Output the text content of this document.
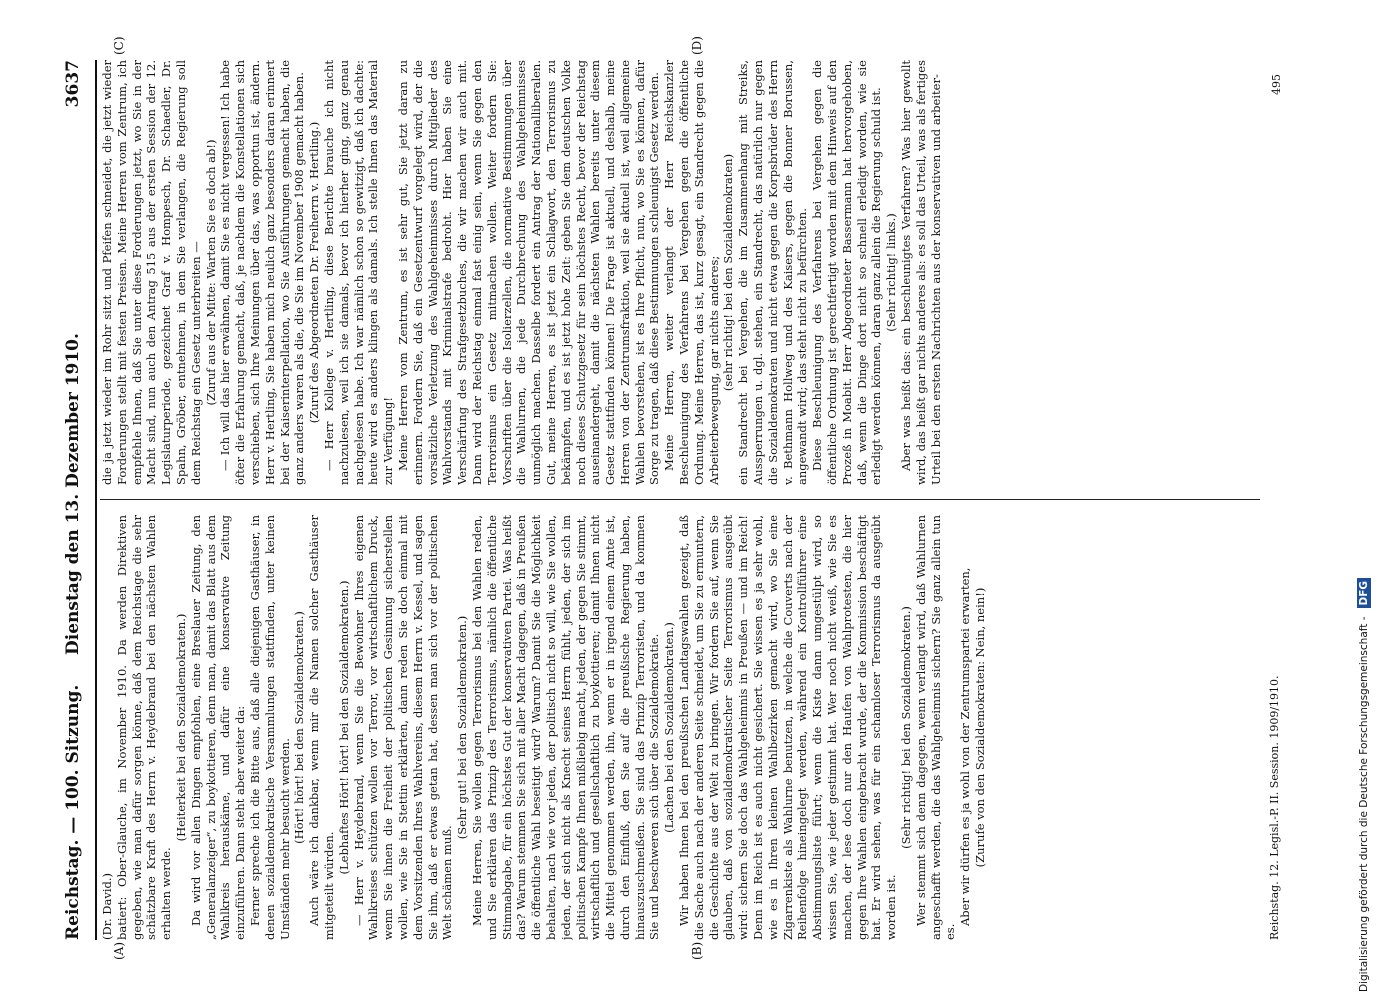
Reichstag. — 100. Sitzung.
Dienstag den 13. Dezember 1910.
3637
(A)	(B)
(C)	(D)

(Dr. David.) batiert: Ober-Glauche, im November 1910. Da werden Direktiven gegeben, wie man dafür sorgen könne, daß dem Reichstage die sehr schätzbare Kraft des Herrn v. Heydebrand bei den nächsten Wahlen erhalten werde.

(Heiterkeit bei den Sozialdemokraten.) Da wird vor allen Dingen empfohlen, eine Breslauer Zeitung, den „Generalanzeiger“, zu boykottieren, denn man, damit das Blatt aus dem Wahlkreis herauskäme, und dafür eine konservative Zeitung einzuführen. Dann steht aber weiter da: Ferner spreche ich die Bitte aus, daß alle diejenigen Gasthäuser, in denen sozialdemokratische Versammlungen stattfinden, unter keinen Umständen mehr besucht werden. (Hört! hört! bei den Sozialdemokraten.) Auch wäre ich dankbar, wenn mir die Namen solcher Gasthäuser mitgeteilt würden.

(Lebhaftes Hört! hört! bei den Sozialdemokraten.) — Herr v. Heydebrand, wenn Sie die Bewohner Ihres eigenen Wahlkreises schützen wollen vor Terror, vor wirtschaftlichem Druck, wenn Sie ihnen die Freiheit der politischen Gesinnung sicherstellen wollen, wie Sie in Stettin erklärten, dann reden Sie doch einmal mit dem Vorsitzenden Ihres Wahlvereins, diesem Herrn v. Kessel, und sagen Sie ihm, daß er etwas getan hat, dessen man sich vor der politischen Welt schämen muß.

(Sehr gut! bei den Sozialdemokraten.) Meine Herren, Sie wollen gegen Terrorismus bei den Wahlen reden, und Sie erklären das Prinzip des Terrorismus, nämlich die öffentliche Stimmabgabe, für ein höchstes Gut der konservativen Partei. Was heißt das? Warum stemmen Sie sich mit aller Macht dagegen, daß in Preußen die öffentliche Wahl beseitigt wird? Warum? Damit Sie die Möglichkeit behalten, nach wie vor jeden, der politisch nicht so will, wie Sie wollen, jeden, der sich nicht als Knecht seines Herrn fühlt, jeden, der sich im politischen Kampfe Ihnen mißliebig macht, jeden, der gegen Sie stimmt, wirtschaftlich und gesellschaftlich zu boykottieren; damit Ihnen nicht die Mittel genommen werden, ihn, wenn er in irgend einem Amte ist, durch den Einfluß, den Sie auf die preußische Regierung haben, hinauszuschmeißen. Sie sind das Prinzip Terroristen, und da kommen Sie und beschweren sich über die Sozialdemokratie. (Lachen bei den Sozialdemokraten.) Wir haben Ihnen bei den preußischen Landtagswahlen gezeigt, daß die Sache auch nach der anderen Seite schneidet, um Sie zu ermuntern, die Geschichte aus der Welt zu bringen. Wir fordern Sie auf, wenn Sie glauben, daß von sozialdemokratischer Seite Terrorismus ausgeübt wird: sichern Sie doch das Wahlgeheimnis in Preußen — und im Reich! Denn im Reich ist es auch nicht gesichert. Sie wissen es ja sehr wohl, wie es in Ihren kleinen Wahlbezirken gemacht wird, wo Sie eine Zigarrenkiste als Wahlurne benutzen, in welche die Couverts nach der Reihenfolge hineingelegt werden, während ein Kontrollführer eine Abstimmungsliste führt; wenn die Kiste dann umgestülpt wird, so wissen Sie, wie jeder gestimmt hat. Wer noch nicht weiß, wie Sie es machen, der lese doch nur den Haufen von Wahlprotesten, die hier gegen Ihre Wahlen eingebracht wurde, der die Kommission beschäftigt hat. Er wird sehen, was für ein schamloser Terrorismus da ausgeübt worden ist.

(Sehr richtig! bei den Sozialdemokraten.) Wer stemmt sich denn dagegen, wenn verlangt wird, daß Wahlurnen angeschafft werden, die das Wahlgeheimnis sichern? Sie ganz allein tun es.

Aber wir dürfen es ja wohl von der Zentrumspartei erwarten, (Zurufe von den Sozialdemokraten: Nein, nein!)

die ja jetzt wieder im Rohr sitzt und Pfeifen schneidet, die jetzt wieder Forderungen stellt mit festen Preisen. Meine Herren vom Zentrum, ich empfehle Ihnen, daß Sie unter diese Forderungen jetzt, wo Sie in der Macht sind, nun auch den Antrag 515 aus der ersten Session der 12. Legislaturperiode, gezeichnet Graf v. Hompesch, Dr. Schaedler, Dr. Spahn, Gröber, entnehmen, in dem Sie verlangen, die Regierung soll dem Reichstag ein Gesetz unterbreiten — (Zuruf aus der Mitte: Warten Sie es doch ab!) — Ich will das hier erwähnen, damit Sie es nicht vergessen! Ich habe öfter die Erfahrung gemacht, daß, je nachdem die Konstellationen sich verschieben, sich Ihre Meinungen über das, was opportun ist, ändern. Herr v. Hertling, Sie haben mich neulich ganz besonders daran erinnert bei der Kaiserinterpellation, wo Sie Ausführungen gemacht haben, die ganz anders waren als die, die Sie im November 1908 gemacht haben. (Zuruf des Abgeordneten Dr. Freiherrn v. Hertling.) — Herr Kollege v. Hertling, diese Berichte brauche ich nicht nachzulesen, weil ich sie damals, bevor ich hierher ging, ganz genau nachgelesen habe. Ich war nämlich schon so gewitzigt, daß ich dachte: heute wird es anders klingen als damals. Ich stelle Ihnen das Material zur Verfügung! Meine Herren vom Zentrum, es ist sehr gut, Sie jetzt daran zu erinnern. Fordern Sie, daß ein Gesetzentwurf vorgelegt wird, der die vorsätzliche Verletzung des Wahlgeheimnisses durch Mitglieder des Wahlvorstands mit Kriminalstrafe bedroht. Hier haben Sie eine Verschärfung des Strafgesetzbuches, die wir machen wir auch mit. Dann wird der Reichstag einmal fast einig sein, wenn Sie gegen den Terrorismus ein Gesetz mitmachen wollen. Weiter fordern Sie: Vorschriften über die Isolierzellen, die normative Bestimmungen über die Wahlurnen, die jede Durchbrechung des Wahlgeheimnisses unmöglich machen. Dasselbe fordert ein Antrag der Nationalliberalen. Gut, meine Herren, es ist jetzt ein Schlagwort, den Terrorismus zu bekämpfen, und es ist jetzt hohe Zeit: geben Sie dem deutschen Volke noch dieses Schutzgesetz für sein höchstes Recht, bevor der Reichstag auseinandergeht, damit die nächsten Wahlen bereits unter diesem Gesetz stattfinden können! Die Frage ist aktuell, und deshalb, meine Herren von der Zentrumsfraktion, weil sie aktuell ist, weil allgemeine Wahlen bevorstehen, ist es Ihre Pflicht, nun, wo Sie es können, dafür Sorge zu tragen, daß diese Bestimmungen schleunigst Gesetz werden. Meine Herren, weiter verlangt der Herr Reichskanzler Beschleunigung des Verfahrens bei Vergehen gegen die öffentliche Ordnung. Meine Herren, das ist, kurz gesagt, ein Standrecht gegen die Arbeiterbewegung, gar nichts anderes; (sehr richtig! bei den Sozialdemokraten) ein Standrecht bei Vergehen, die im Zusammenhang mit Streiks, Aussperrungen u. dgl. stehen, ein Standrecht, das natürlich nur gegen die Sozialdemokraten und nicht etwa gegen die Korpsbrüder des Herrn v. Bethmann Hollweg und des Kaisers, gegen die Bonner Borussen, angewandt wird; das steht nicht zu befürchten. Diese Beschleunigung des Verfahrens bei Vergehen gegen die öffentliche Ordnung ist gerechtfertigt worden mit dem Hinweis auf den Prozeß in Moabit. Herr Abgeordneter Bassermann hat hervorgehoben, daß, wenn die Dinge dort nicht so schnell erledigt worden, wie sie erledigt werden können, daran ganz allein die Regierung schuld ist. (Sehr richtig! links.) Aber was heißt das: ein beschleunigtes Verfahren? Was hier gewollt wird, das heißt gar nichts anderes als: es soll das Urteil, was als fertiges Urteil bei den ersten Nachrichten aus der konservativen und arbeiter-

Reichstag. 12. Legisl.-P. II. Session. 1909/1910.
495
Digitalisierung gefördert durch die Deutsche Forschungsgemeinschaft -DFG
